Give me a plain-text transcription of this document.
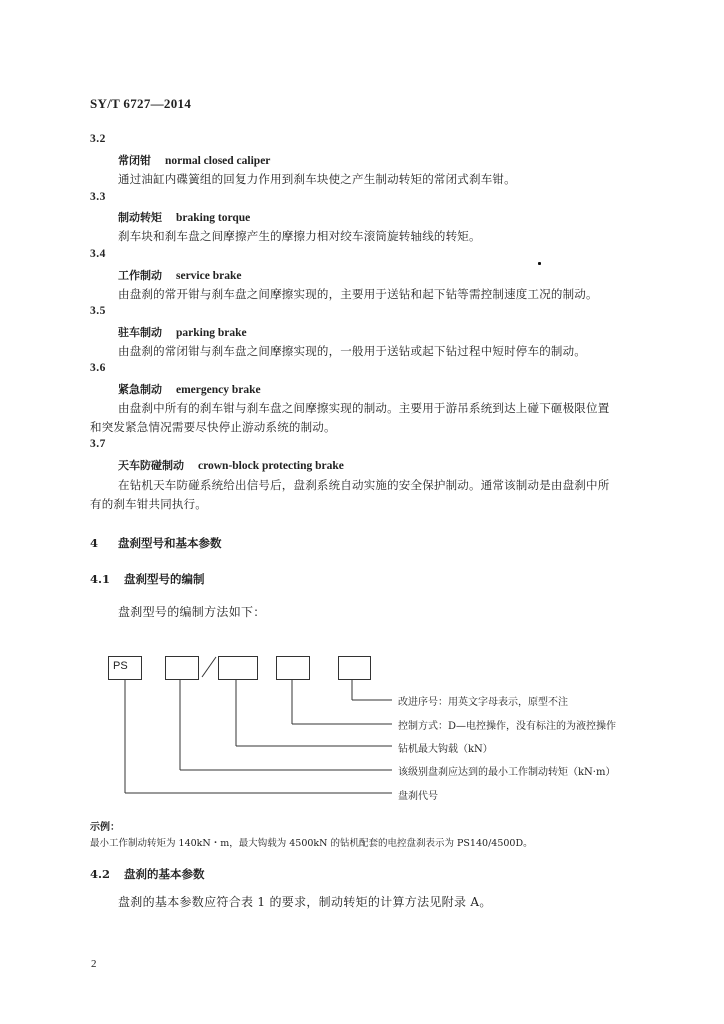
SY/T 6727—2014
3.2
常闭钳 normal closed caliper
通过油缸内碟簧组的回复力作用到刹车块使之产生制动转矩的常闭式刹车钳。
3.3
制动转矩 braking torque
刹车块和刹车盘之间摩擦产生的摩擦力相对绞车滚筒旋转轴线的转矩。
3.4
工作制动 service brake
由盘刹的常开钳与刹车盘之间摩擦实现的，主要用于送钻和起下钻等需控制速度工况的制动。
3.5
驻车制动 parking brake
由盘刹的常闭钳与刹车盘之间摩擦实现的，一般用于送钻或起下钻过程中短时停车的制动。
3.6
紧急制动 emergency brake
由盘刹中所有的刹车钳与刹车盘之间摩擦实现的制动。主要用于游吊系统到达上碰下砸极限位置
和突发紧急情况需要尽快停止游动系统的制动。
3.7
天车防碰制动 crown-block protecting brake
在钻机天车防碰系统给出信号后，盘刹系统自动实施的安全保护制动。通常该制动是由盘刹中所
有的刹车钳共同执行。
4 盘刹型号和基本参数
4.1 盘刹型号的编制
盘刹型号的编制方法如下：
PS
改进序号：用英文字母表示，原型不注
控制方式：D—电控操作，没有标注的为液控操作
钻机最大钩载（kN）
该级别盘刹应达到的最小工作制动转矩（kN·m）
盘刹代号
示例：
最小工作制动转矩为 140kN・m，最大钩载为 4500kN 的钻机配套的电控盘刹表示为 PS140/4500D。
4.2 盘刹的基本参数
盘刹的基本参数应符合表 1 的要求，制动转矩的计算方法见附录 A。
2
